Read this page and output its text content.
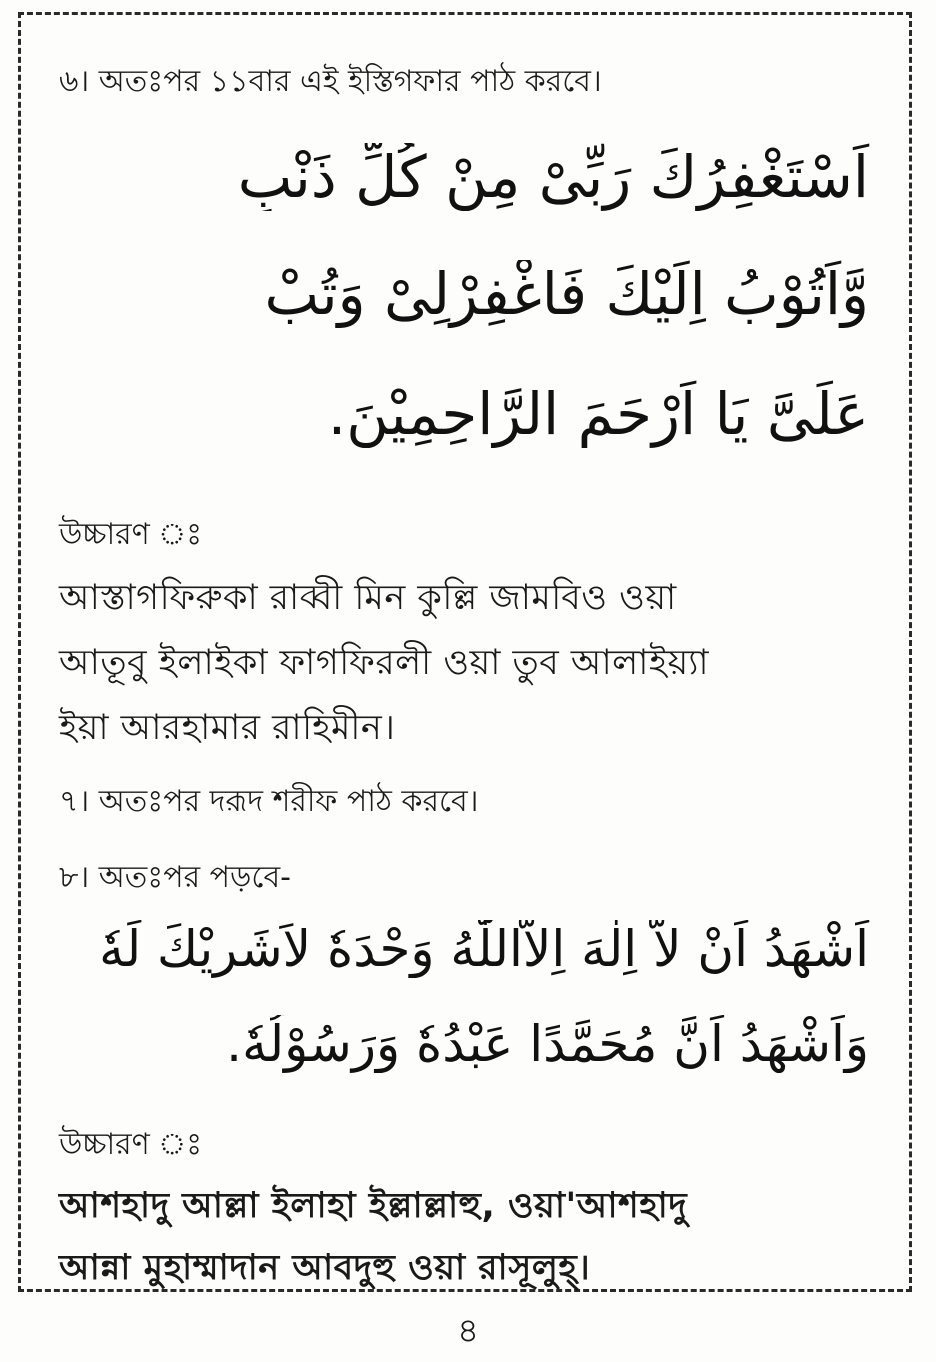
৬। অতঃপর ১১বার এই ইস্তিগফার পাঠ করবে।
اَسْتَغْفِرُكَ رَبِّىْ مِنْ كُلِّ ذَنْبٍ
وَّاَتُوْبُ اِلَيْكَ فَاغْفِرْلِىْ وَتُبْ
عَلَىَّ يَا اَرْحَمَ الرَّاحِمِيْنَ.
উচ্চারণ ঃ
আস্তাগফিরুকা রাব্বী মিন কুল্লি জামবিও ওয়া
আতূবু ইলাইকা ফাগফিরলী ওয়া তুব আলাইয়্যা
ইয়া আরহামার রাহিমীন।
৭। অতঃপর দরূদ শরীফ পাঠ করবে।
৮। অতঃপর পড়বে-
اَشْهَدُ اَنْ لاَّ اِلٰهَ اِلاَّاللّٰهُ وَحْدَهٗ لاَشَرِيْكَ لَهٗ
وَاَشْهَدُ اَنَّ مُحَمَّدًا عَبْدُهٗ وَرَسُوْلُهٗ.
উচ্চারণ ঃ
আশহাদু আল্লা ইলাহা ইল্লাল্লাহু, ওয়া'আশহাদু
আন্না মুহাম্মাদান আবদুহু ওয়া রাসূলুহ্।
৪
